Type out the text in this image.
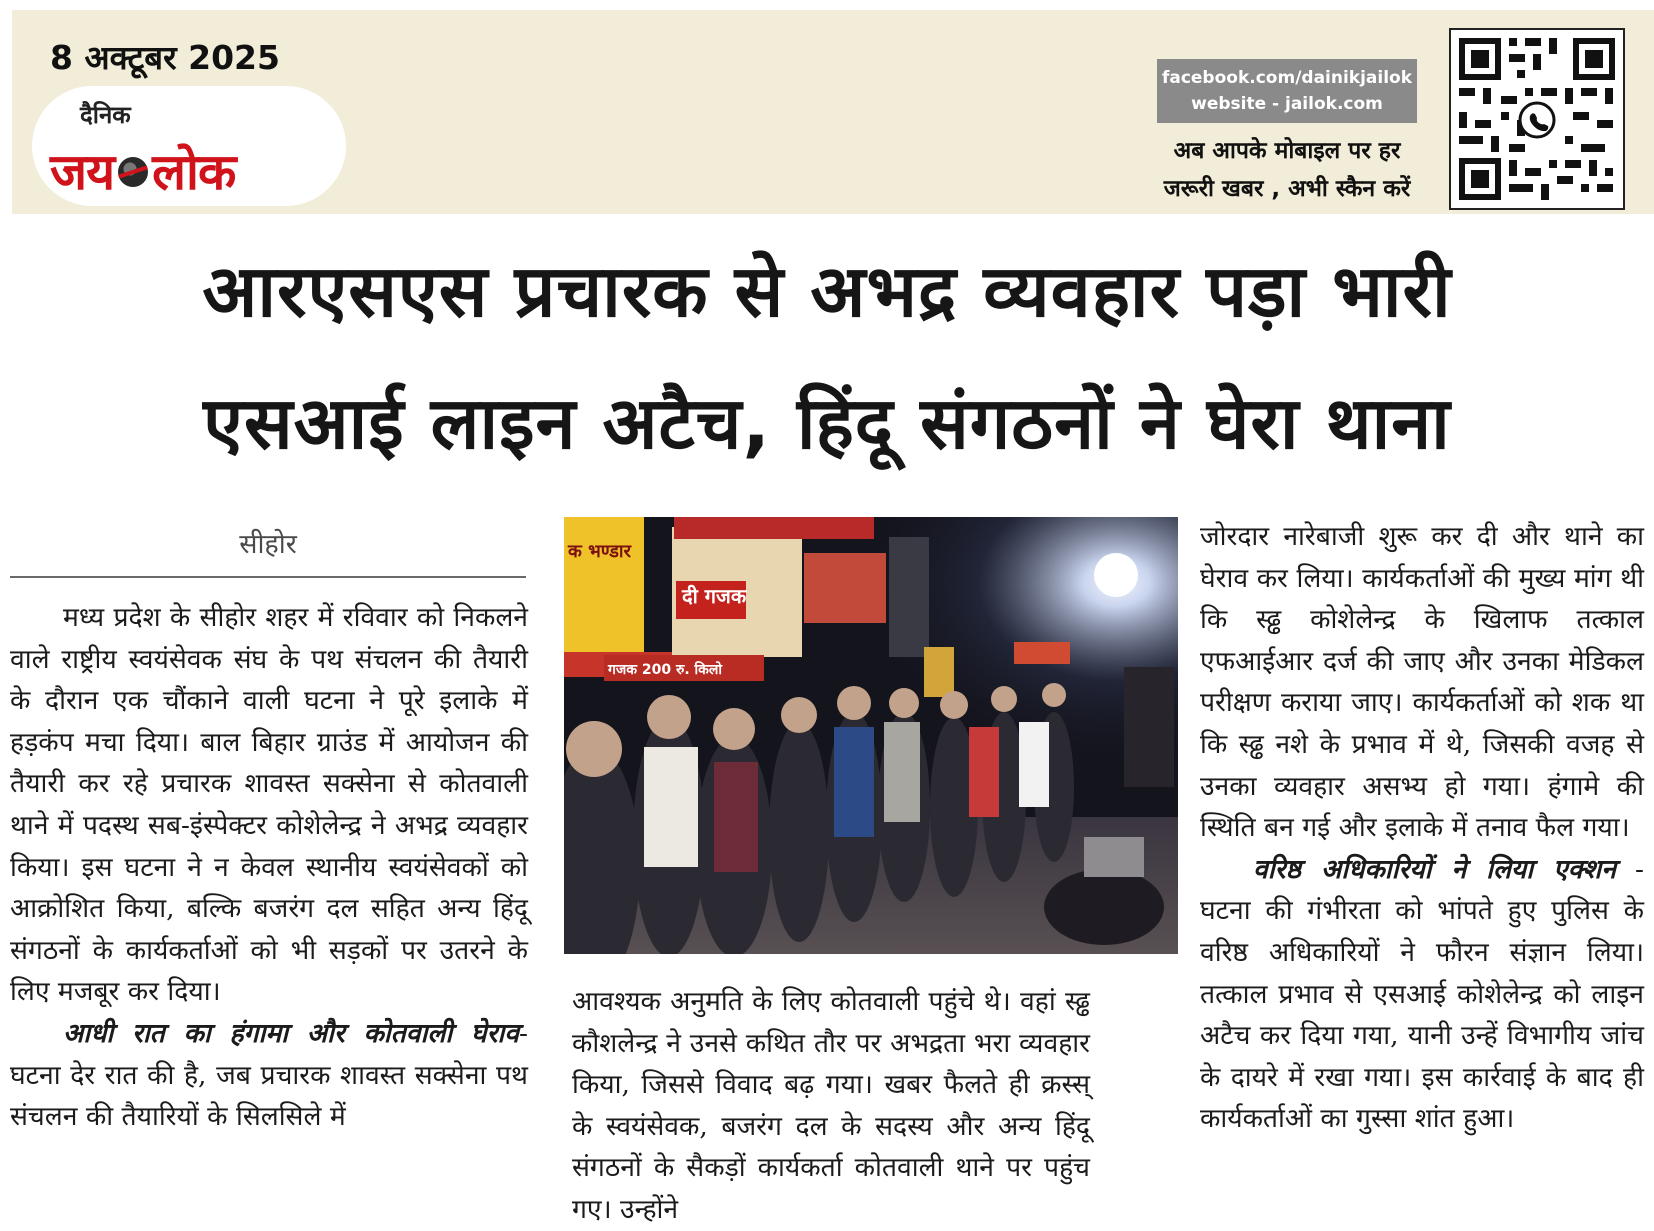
8 अक्टूबर 2025
दैनिक
जय लोक
facebook.com/dainikjailok
website - jailok.com
अब आपके मोबाइल पर हर
जरूरी खबर , अभी स्कैन करें
आरएसएस प्रचारक से अभद्र व्यवहार पड़ा भारी
एसआई लाइन अटैच, हिंदू संगठनों ने घेरा थाना
सीहोर

मध्य प्रदेश के सीहोर शहर में रविवार को निकलने वाले राष्ट्रीय स्वयंसेवक संघ के पथ संचलन की तैयारी के दौरान एक चौंकाने वाली घटना ने पूरे इलाके में हड़कंप मचा दिया। बाल बिहार ग्राउंड में आयोजन की तैयारी कर रहे प्रचारक शावस्त सक्सेना से कोतवाली थाने में पदस्थ सब-इंस्पेक्टर कोशेलेन्द्र ने अभद्र व्यवहार किया। इस घटना ने न केवल स्थानीय स्वयंसेवकों को आक्रोशित किया, बल्कि बजरंग दल सहित अन्य हिंदू संगठनों के कार्यकर्ताओं को भी सड़कों पर उतरने के लिए मजबूर कर दिया।

आधी रात का हंगामा और कोतवाली घेराव- घटना देर रात की है, जब प्रचारक शावस्त सक्सेना पथ संचलन की तैयारियों के सिलसिले में

क भण्डार
दी गजक
गजक 200 रु. किलो

आवश्यक अनुमति के लिए कोतवाली पहुंचे थे। वहां स्ढ्ढ कौशलेन्द्र ने उनसे कथित तौर पर अभद्रता भरा व्यवहार किया, जिससे विवाद बढ़ गया। खबर फैलते ही क्रस्स् के स्वयंसेवक, बजरंग दल के सदस्य और अन्य हिंदू संगठनों के सैकड़ों कार्यकर्ता कोतवाली थाने पर पहुंच गए। उन्होंने

जोरदार नारेबाजी शुरू कर दी और थाने का घेराव कर लिया। कार्यकर्ताओं की मुख्य मांग थी कि स्ढ्ढ कोशेलेन्द्र के खिलाफ तत्काल एफआईआर दर्ज की जाए और उनका मेडिकल परीक्षण कराया जाए। कार्यकर्ताओं को शक था कि स्ढ्ढ नशे के प्रभाव में थे, जिसकी वजह से उनका व्यवहार असभ्य हो गया। हंगामे की स्थिति बन गई और इलाके में तनाव फैल गया।

वरिष्ठ अधिकारियों ने लिया एक्शन - घटना की गंभीरता को भांपते हुए पुलिस के वरिष्ठ अधिकारियों ने फौरन संज्ञान लिया। तत्काल प्रभाव से एसआई कोशेलेन्द्र को लाइन अटैच कर दिया गया, यानी उन्हें विभागीय जांच के दायरे में रखा गया। इस कार्रवाई के बाद ही कार्यकर्ताओं का गुस्सा शांत हुआ।
